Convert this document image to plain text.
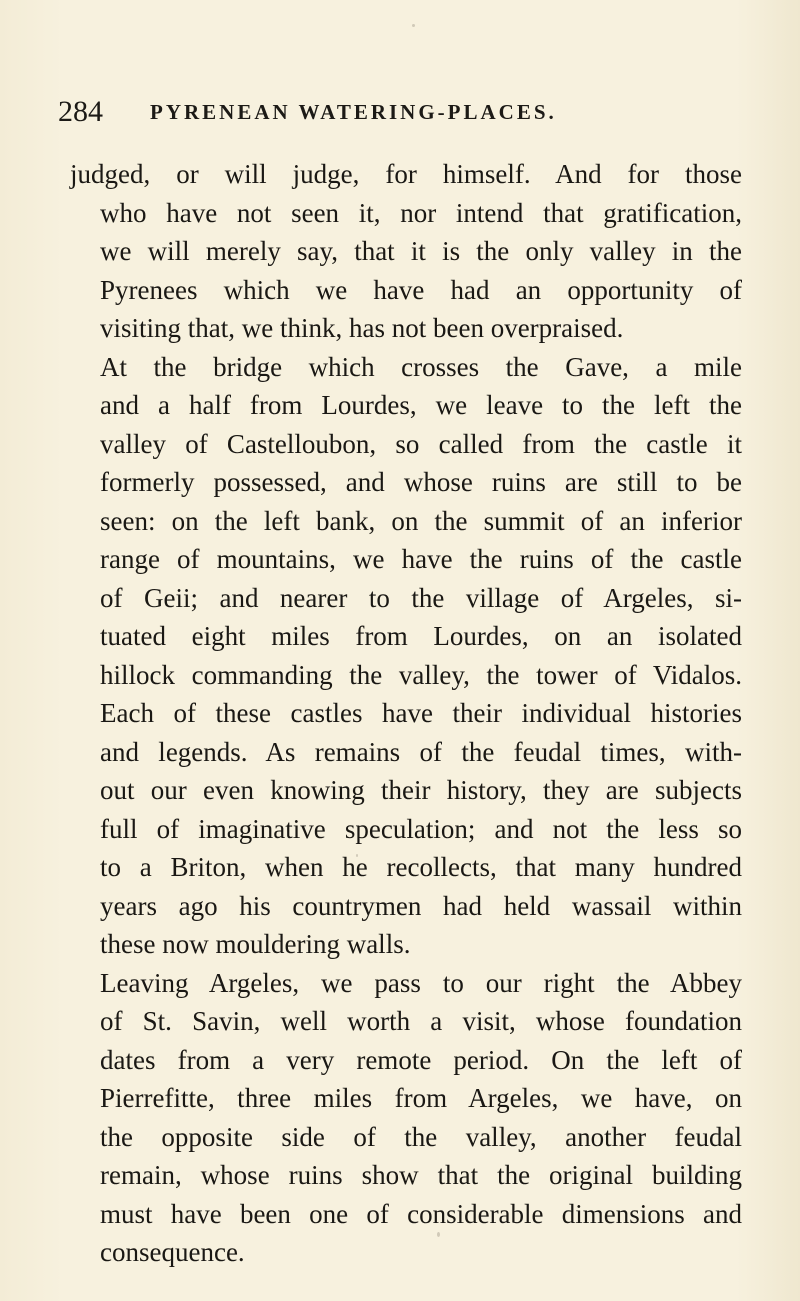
284 PYRENEAN WATERING-PLACES.

judged, or will judge, for himself. And for those

who have not seen it, nor intend that gratification,

we will merely say, that it is the only valley in the

Pyrenees which we have had an opportunity of

visiting that, we think, has not been overpraised.

At the bridge which crosses the Gave, a mile

and a half from Lourdes, we leave to the left the

valley of Castelloubon, so called from the castle it

formerly possessed, and whose ruins are still to be

seen: on the left bank, on the summit of an inferior

range of mountains, we have the ruins of the castle

of Geii; and nearer to the village of Argeles, si-

tuated eight miles from Lourdes, on an isolated

hillock commanding the valley, the tower of Vidalos.

Each of these castles have their individual histories

and legends. As remains of the feudal times, with-

out our even knowing their history, they are subjects

full of imaginative speculation; and not the less so

to a Briton, when he recollects, that many hundred

years ago his countrymen had held wassail within

these now mouldering walls.

Leaving Argeles, we pass to our right the Abbey

of St. Savin, well worth a visit, whose foundation

dates from a very remote period. On the left of

Pierrefitte, three miles from Argeles, we have, on

the opposite side of the valley, another feudal

remain, whose ruins show that the original building

must have been one of considerable dimensions and

consequence.
